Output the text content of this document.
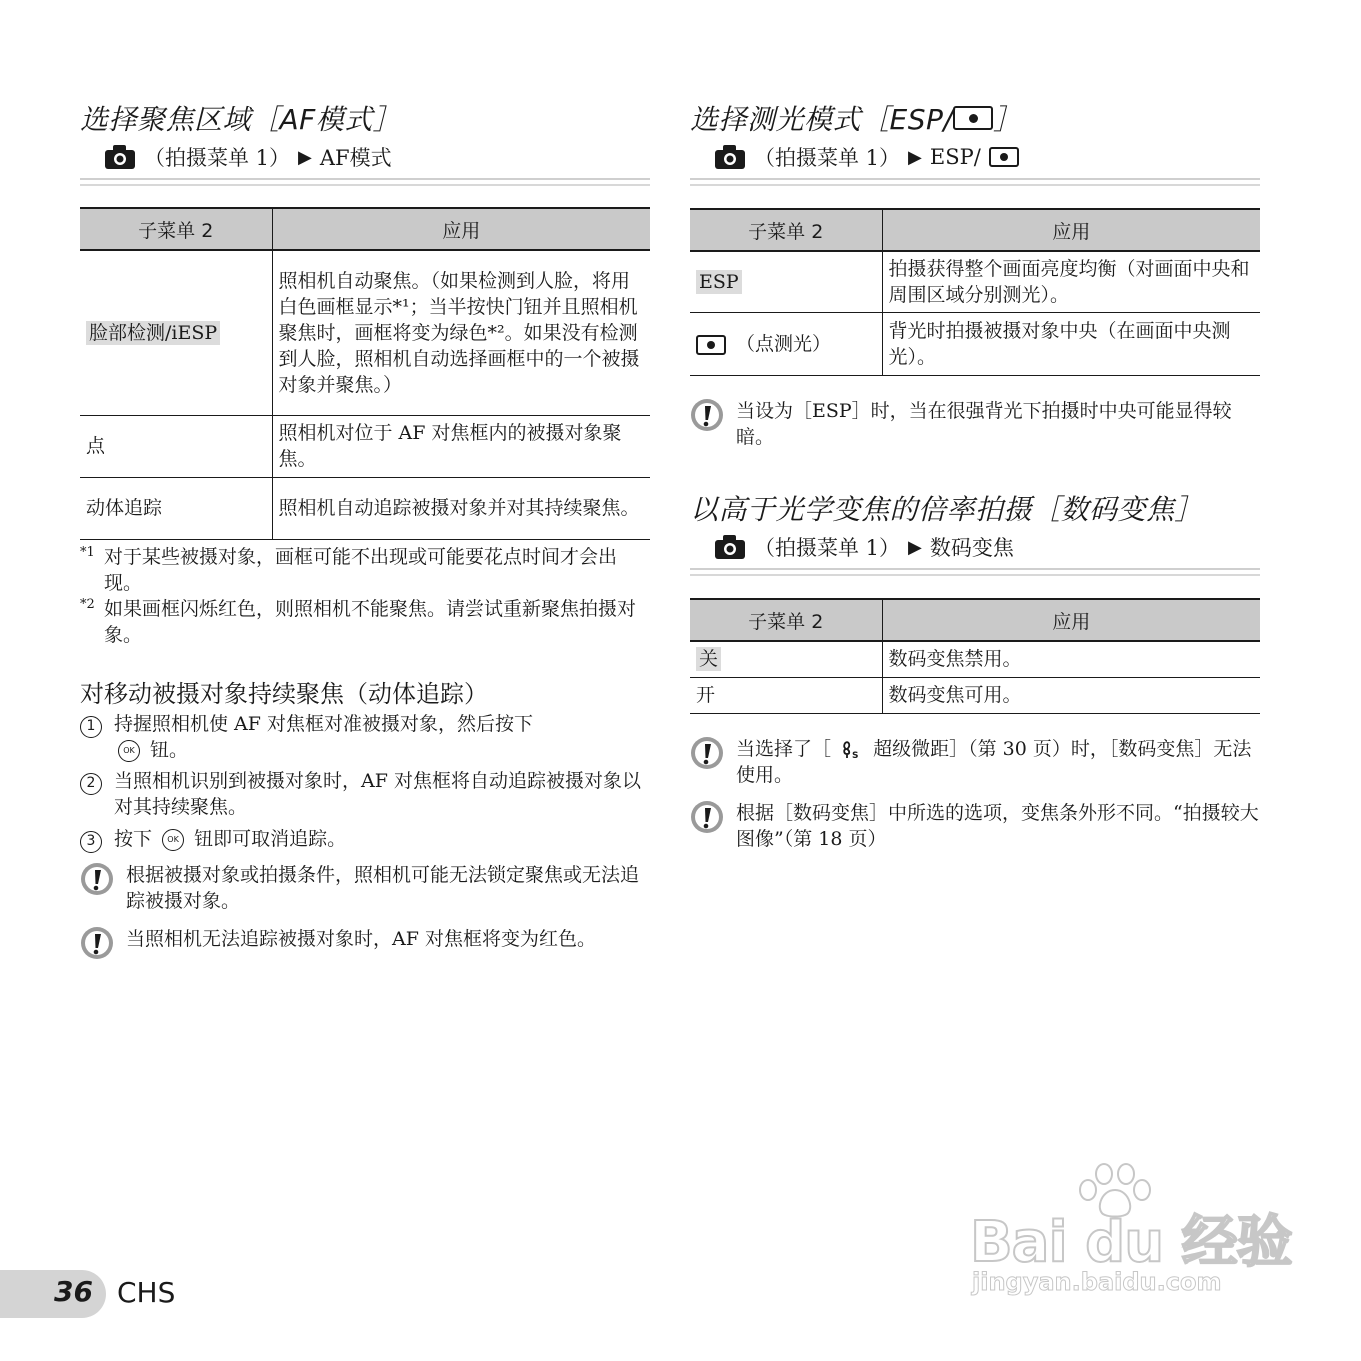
选择聚焦区域［AF模式］
（拍摄菜单 1） ▶ AF模式
子菜单 2	应用
脸部检测/iESP	照相机自动聚焦。（如果检测到人脸，将用白色画框显示*¹；当半按快门钮并且照相机聚焦时，画框将变为绿色*²。如果没有检测到人脸，照相机自动选择画框中的一个被摄对象并聚焦。）
点	照相机对位于 AF 对焦框内的被摄对象聚焦。
动体追踪	照相机自动追踪被摄对象并对其持续聚焦。
*1 对于某些被摄对象，画框可能不出现或可能要花点时间才会出现。
*2 如果画框闪烁红色，则照相机不能聚焦。请尝试重新聚焦拍摄对象。
对移动被摄对象持续聚焦（动体追踪）
1 持握照相机使 AF 对焦框对准被摄对象，然后按下
OK 钮。
2 当照相机识别到被摄对象时，AF 对焦框将自动追踪被摄对象以对其持续聚焦。
3 按下 OK 钮即可取消追踪。
根据被摄对象或拍摄条件，照相机可能无法锁定聚焦或无法追踪被摄对象。
当照相机无法追踪被摄对象时，AF 对焦框将变为红色。
选择测光模式［ESP/ ］
（拍摄菜单 1） ▶ ESP/
子菜单 2	应用
ESP	拍摄获得整个画面亮度均衡（对画面中央和周围区域分别测光）。

（点测光）	背光时拍摄被摄对象中央（在画面中央测光）。
当设为［ESP］时，当在很强背光下拍摄时中央可能显得较暗。
以高于光学变焦的倍率拍摄［数码变焦］
（拍摄菜单 1） ▶ 数码变焦
子菜单 2	应用
关	数码变焦禁用。
开	数码变焦可用。
当选择了［ S 超级微距］（第 30 页）时，［数码变焦］无法使用。
根据［数码变焦］中所选的选项，变焦条外形不同。“拍摄较大图像”（第 18 页）
36 CHS
Bai du 经验
jingyan.baidu.com
